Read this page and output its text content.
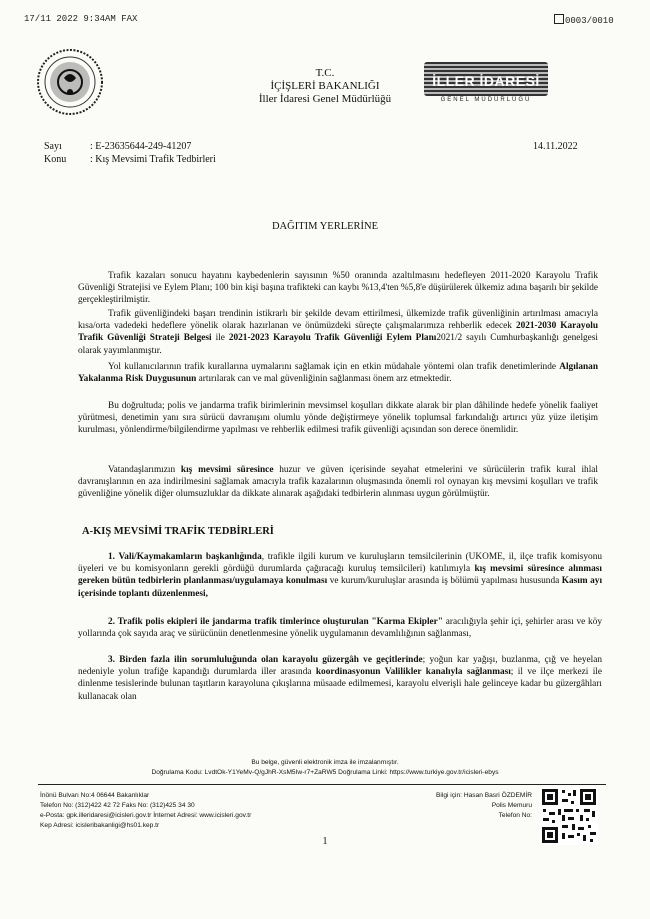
17/11 2022 9:34AM FAX	0003/0010
T.C.
İÇİŞLERİ BAKANLIĞI
İller İdaresi Genel Müdürlüğü
İLLER İDARESİ
GENEL MÜDÜRLÜĞÜ
Sayı	: E-23635644-249-41207
Konu : Kış Mevsimi Trafik Tedbirleri
14.11.2022
DAĞITIM YERLERİNE
Trafik kazaları sonucu hayatını kaybedenlerin sayısının %50 oranında azaltılmasını hedefleyen 2011-2020 Karayolu Trafik Güvenliği Stratejisi ve Eylem Planı; 100 bin kişi başına trafikteki can kaybı %13,4'ten %5,8'e düşürülerek ülkemiz adına başarılı bir şekilde gerçekleştirilmiştir.
Trafik güvenliğindeki başarı trendinin istikrarlı bir şekilde devam ettirilmesi, ülkemizde trafik güvenliğinin artırılması amacıyla kısa/orta vadedeki hedeflere yönelik olarak hazırlanan ve önümüzdeki süreçte çalışmalarımıza rehberlik edecek 2021-2030 Karayolu Trafik Güvenliği Strateji Belgesi ile 2021-2023 Karayolu Trafik Güvenliği Eylem Planı2021/2 sayılı Cumhurbaşkanlığı genelgesi olarak yayımlanmıştır.
Yol kullanıcılarının trafik kurallarına uymalarını sağlamak için en etkin müdahale yöntemi olan trafik denetimlerinde Algılanan Yakalanma Risk Duygusunun artırılarak can ve mal güvenliğinin sağlanması önem arz etmektedir.
Bu doğrultuda; polis ve jandarma trafik birimlerinin mevsimsel koşulları dikkate alarak bir plan dâhilinde hedefe yönelik faaliyet yürütmesi, denetimin yanı sıra sürücü davranışını olumlu yönde değiştirmeye yönelik toplumsal farkındalığı artırıcı yüz yüze iletişim kurulması, yönlendirme/bilgilendirme yapılması ve rehberlik edilmesi trafik güvenliği açısından son derece önemlidir.
Vatandaşlarımızın kış mevsimi süresince huzur ve güven içerisinde seyahat etmelerini ve sürücülerin trafik kural ihlal davranışlarının en aza indirilmesini sağlamak amacıyla trafik kazalarının oluşmasında önemli rol oynayan kış mevsimi koşulları ve trafik güvenliğine yönelik diğer olumsuzluklar da dikkate alınarak aşağıdaki tedbirlerin alınması uygun görülmüştür.
A-KIŞ MEVSİMİ TRAFİK TEDBİRLERİ
1. Vali/Kaymakamların başkanlığında, trafikle ilgili kurum ve kuruluşların temsilcilerinin (UKOME, il, ilçe trafik komisyonu üyeleri ve bu komisyonların gerekli gördüğü durumlarda çağıracağı kuruluş temsilcileri) katılımıyla kış mevsimi süresince alınması gereken bütün tedbirlerin planlanması/uygulamaya konulması ve kurum/kuruluşlar arasında iş bölümü yapılması hususunda Kasım ayı içerisinde toplantı düzenlenmesi,
2. Trafik polis ekipleri ile jandarma trafik timlerince oluşturulan "Karma Ekipler" aracılığıyla şehir içi, şehirler arası ve köy yollarında çok sayıda araç ve sürücünün denetlenmesine yönelik uygulamanın devamlılığının sağlanması,
3. Birden fazla ilin sorumluluğunda olan karayolu güzergâh ve geçitlerinde; yoğun kar yağışı, buzlanma, çığ ve heyelan nedeniyle yolun trafiğe kapandığı durumlarda iller arasında koordinasyonun Valilikler kanalıyla sağlanması; il ve ilçe merkezi ile dinlenme tesislerinde bulunan taşıtların karayoluna çıkışlarına müsaade edilmemesi, karayolu elverişli hale gelinceye kadar bu güzergâhları kullanacak olan
Bu belge, güvenli elektronik imza ile imzalanmıştır.
Doğrulama Kodu: LvdtOk-Y1YeMv-Q/gJhR-XsM5Iw-r7+ZaRW5 Doğrulama Linki: https://www.turkiye.gov.tr/icisleri-ebys
İnönü Bulvarı No:4 06644 Bakanlıklar
Telefon No: (312)422 42 72 Faks No: (312)425 34 30
e-Posta: gpk.illeridaresi@icisleri.gov.tr İnternet Adresi: www.icisleri.gov.tr
Kep Adresi: icisleribakanligi@hs01.kep.tr
Bilgi için: Hasan Basri ÖZDEMİR
Polis Memuru
Telefon No:
1
